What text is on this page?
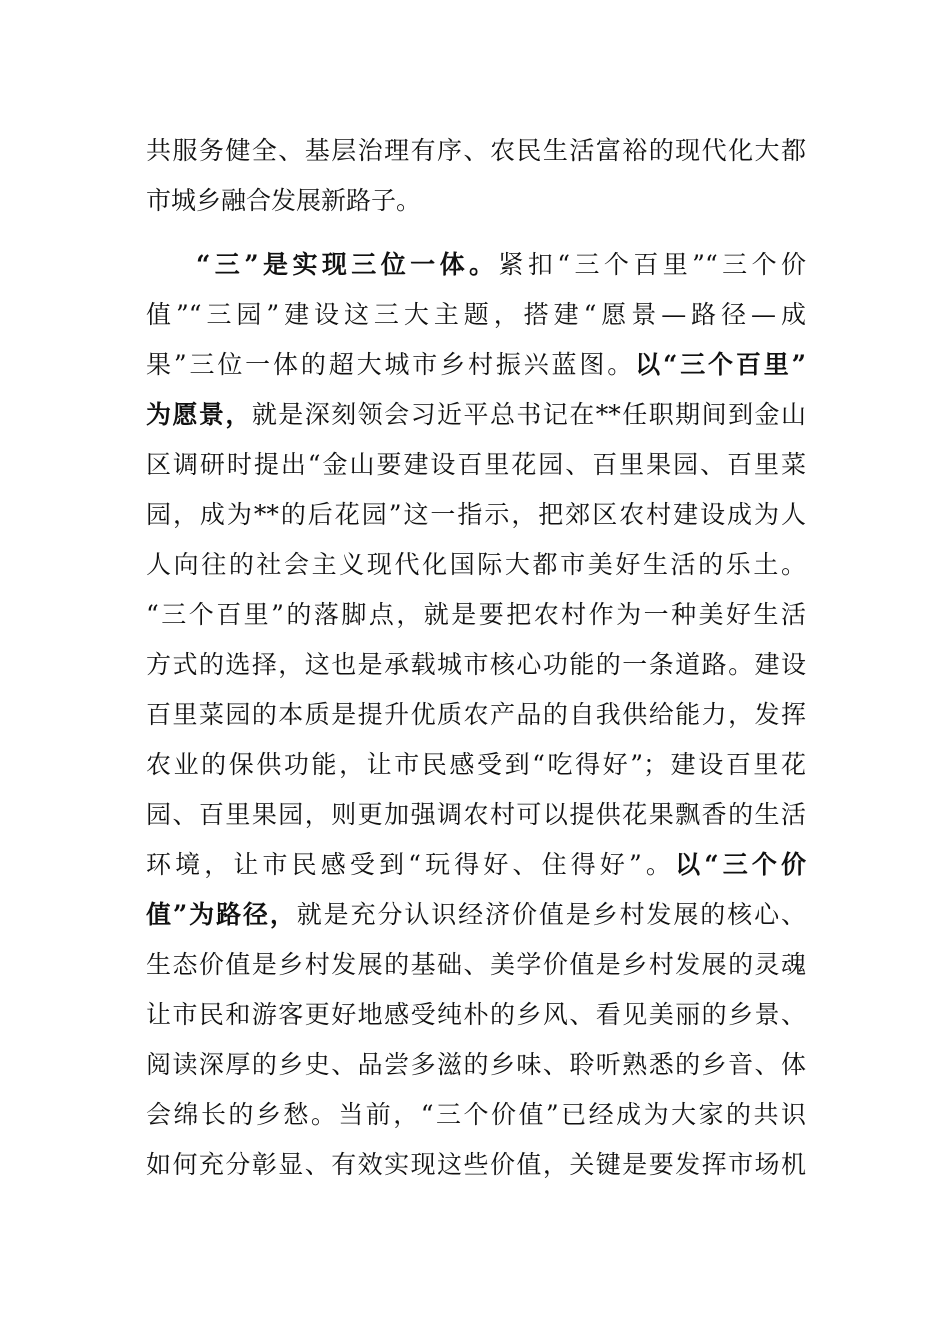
共服务健全、基层治理有序、农民生活富裕的现代化大都
市城乡融合发展新路子。
“三”是实现三位一体。紧扣“三个百里”“三个价
值”“三园”建设这三大主题，搭建“愿景—路径—成
果”三位一体的超大城市乡村振兴蓝图。以“三个百里”
为愿景，就是深刻领会习近平总书记在**任职期间到金山
区调研时提出“金山要建设百里花园、百里果园、百里菜
园，成为**的后花园”这一指示，把郊区农村建设成为人
人向往的社会主义现代化国际大都市美好生活的乐土。
“三个百里”的落脚点，就是要把农村作为一种美好生活
方式的选择，这也是承载城市核心功能的一条道路。建设
百里菜园的本质是提升优质农产品的自我供给能力，发挥
农业的保供功能，让市民感受到“吃得好”；建设百里花
园、百里果园，则更加强调农村可以提供花果飘香的生活
环境，让市民感受到“玩得好、住得好”。以“三个价
值”为路径，就是充分认识经济价值是乡村发展的核心、
生态价值是乡村发展的基础、美学价值是乡村发展的灵魂
让市民和游客更好地感受纯朴的乡风、看见美丽的乡景、
阅读深厚的乡史、品尝多滋的乡味、聆听熟悉的乡音、体
会绵长的乡愁。当前，“三个价值”已经成为大家的共识
如何充分彰显、有效实现这些价值，关键是要发挥市场机
